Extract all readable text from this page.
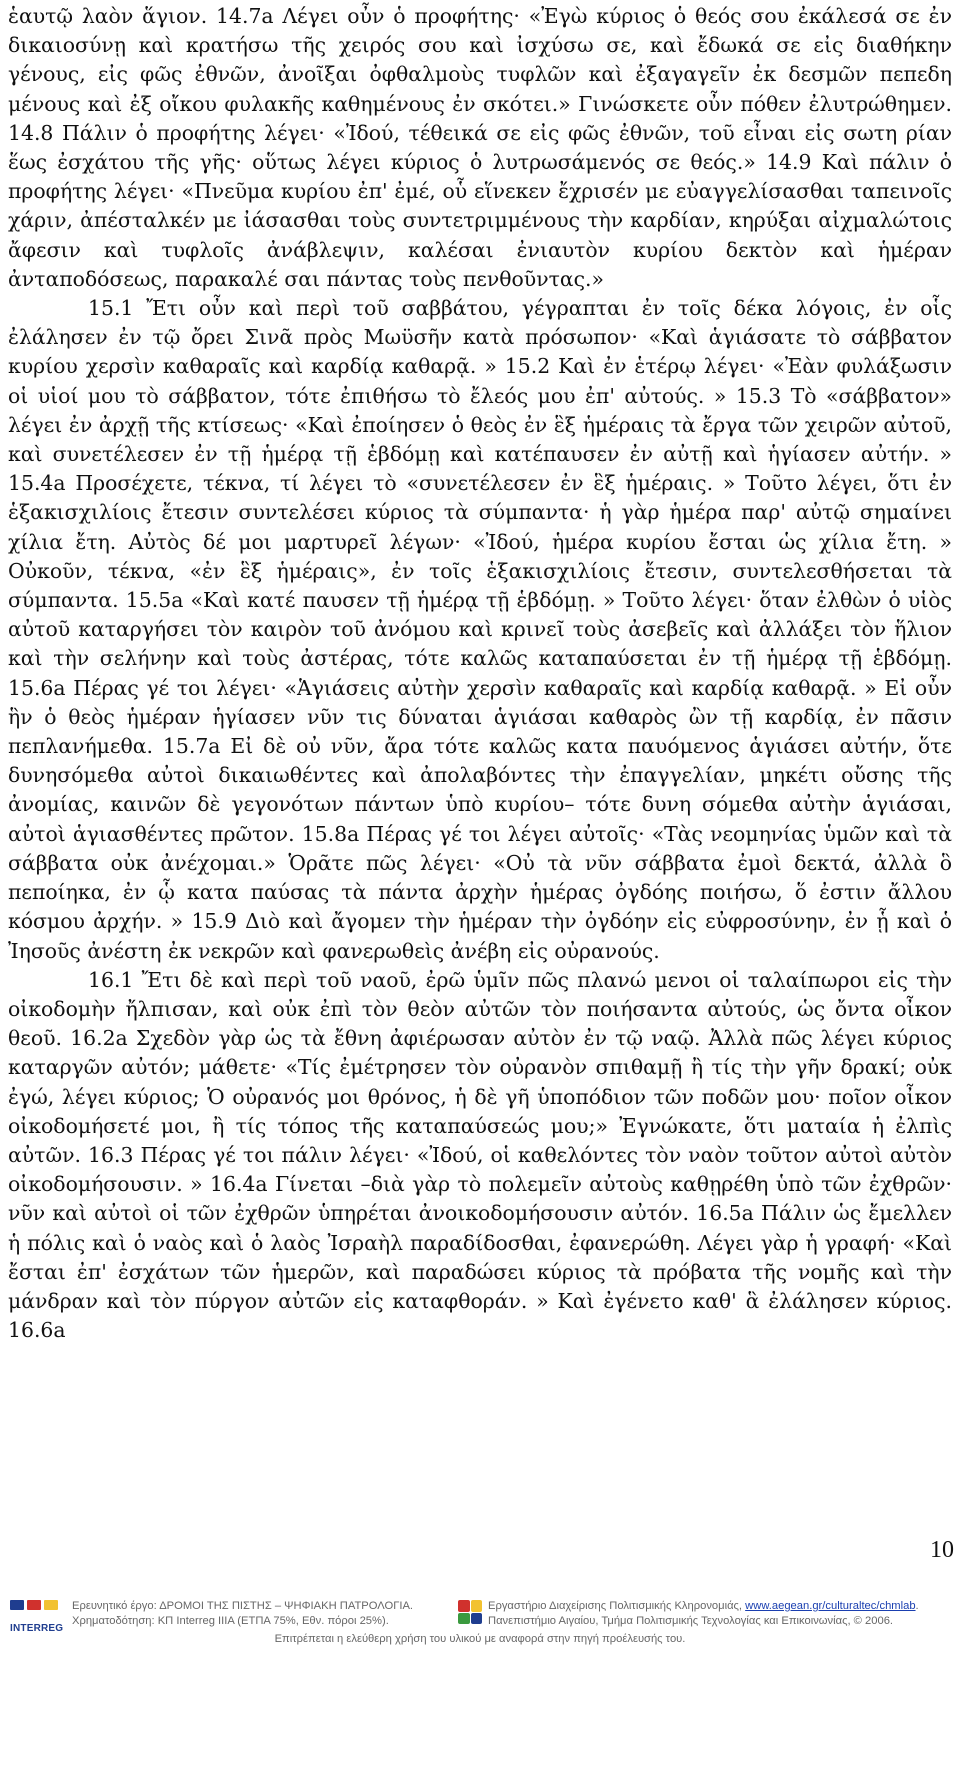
ἑαυτῷ λαὸν ἅγιον. 14.7a Λέγει οὖν ὁ προφήτης· «Ἐγὼ κύριος ὁ θεός σου ἐκάλεσά σε ἐν δικαιοσύνῃ καὶ κρατήσω τῆς χειρός σου καὶ ἰσχύσω σε, καὶ ἔδωκά σε εἰς διαθήκην γένους, εἰς φῶς ἐθνῶν, ἀνοῖξαι ὀφθαλμοὺς τυφλῶν καὶ ἐξαγαγεῖν ἐκ δεσμῶν πεπεδη μένους καὶ ἐξ οἴκου φυλακῆς καθημένους ἐν σκότει.» Γινώσκετε οὖν πόθεν ἐλυτρώθημεν. 14.8 Πάλιν ὁ προφήτης λέγει· «Ἰδού, τέθεικά σε εἰς φῶς ἐθνῶν, τοῦ εἶναι εἰς σωτη ρίαν ἕως ἐσχάτου τῆς γῆς· οὕτως λέγει κύριος ὁ λυτρωσάμενός σε θεός.» 14.9 Καὶ πάλιν ὁ προφήτης λέγει· «Πνεῦμα κυρίου ἐπ' ἐμέ, οὗ εἵνεκεν ἔχρισέν με εὐαγγελίσασθαι ταπεινοῖς χάριν, ἀπέσταλκέν με ἰάσασθαι τοὺς συντετριμμένους τὴν καρδίαν, κηρύξαι αἰχμαλώτοις ἄφεσιν καὶ τυφλοῖς ἀνάβλεψιν, καλέσαι ἐνιαυτὸν κυρίου δεκτὸν καὶ ἡμέραν ἀνταποδόσεως, παρακαλέ σαι πάντας τοὺς πενθοῦντας.»

15.1 Ἔτι οὖν καὶ περὶ τοῦ σαββάτου, γέγραπται ἐν τοῖς δέκα λόγοις, ἐν οἷς ἐλάλησεν ἐν τῷ ὄρει Σινᾶ πρὸς Μωϋσῆν κατὰ πρόσωπον· «Καὶ ἁγιάσατε τὸ σάββατον κυρίου χερσὶν καθαραῖς καὶ καρδίᾳ καθαρᾷ. » 15.2 Καὶ ἐν ἑτέρῳ λέγει· «Ἐὰν φυλάξωσιν οἱ υἱοί μου τὸ σάββατον, τότε ἐπιθήσω τὸ ἔλεός μου ἐπ' αὐτούς. » 15.3 Τὸ «σάββατον» λέγει ἐν ἀρχῇ τῆς κτίσεως· «Καὶ ἐποίησεν ὁ θεὸς ἐν ἓξ ἡμέραις τὰ ἔργα τῶν χειρῶν αὐτοῦ, καὶ συνετέλεσεν ἐν τῇ ἡμέρᾳ τῇ ἑβδόμῃ καὶ κατέπαυσεν ἐν αὐτῇ καὶ ἡγίασεν αὐτήν. » 15.4a Προσέχετε, τέκνα, τί λέγει τὸ «συνετέλεσεν ἐν ἓξ ἡμέραις. » Τοῦτο λέγει, ὅτι ἐν ἑξακισχιλίοις ἔτεσιν συντελέσει κύριος τὰ σύμπαντα· ἡ γὰρ ἡμέρα παρ' αὐτῷ σημαίνει χίλια ἔτη. Αὐτὸς δέ μοι μαρτυρεῖ λέγων· «Ἰδού, ἡμέρα κυρίου ἔσται ὡς χίλια ἔτη. » Οὐκοῦν, τέκνα, «ἐν ἓξ ἡμέραις», ἐν τοῖς ἑξακισχιλίοις ἔτεσιν, συντελεσθήσεται τὰ σύμπαντα. 15.5a «Καὶ κατέ παυσεν τῇ ἡμέρᾳ τῇ ἑβδόμῃ. » Τοῦτο λέγει· ὅταν ἐλθὼν ὁ υἱὸς αὐτοῦ καταργήσει τὸν καιρὸν τοῦ ἀνόμου καὶ κρινεῖ τοὺς ἀσεβεῖς καὶ ἀλλάξει τὸν ἥλιον καὶ τὴν σελήνην καὶ τοὺς ἀστέρας, τότε καλῶς καταπαύσεται ἐν τῇ ἡμέρᾳ τῇ ἑβδόμῃ. 15.6a Πέρας γέ τοι λέγει· «Ἁγιάσεις αὐτὴν χερσὶν καθαραῖς καὶ καρδίᾳ καθαρᾷ. » Εἰ οὖν ἣν ὁ θεὸς ἡμέραν ἡγίασεν νῦν τις δύναται ἁγιάσαι καθαρὸς ὢν τῇ καρδίᾳ, ἐν πᾶσιν πεπλανήμεθα. 15.7a Εἰ δὲ οὐ νῦν, ἄρα τότε καλῶς κατα παυόμενος ἁγιάσει αὐτήν, ὅτε δυνησόμεθα αὐτοὶ δικαιωθέντες καὶ ἀπολαβόντες τὴν ἐπαγγελίαν, μηκέτι οὔσης τῆς ἀνομίας, καινῶν δὲ γεγονότων πάντων ὑπὸ κυρίου– τότε δυνη σόμεθα αὐτὴν ἁγιάσαι, αὐτοὶ ἁγιασθέντες πρῶτον. 15.8a Πέρας γέ τοι λέγει αὐτοῖς· «Τὰς νεομηνίας ὑμῶν καὶ τὰ σάββατα οὐκ ἀνέχομαι.» Ὁρᾶτε πῶς λέγει· «Οὐ τὰ νῦν σάββατα ἐμοὶ δεκτά, ἀλλὰ ὃ πεποίηκα, ἐν ᾧ κατα παύσας τὰ πάντα ἀρχὴν ἡμέρας ὀγδόης ποιήσω, ὅ ἐστιν ἄλλου κόσμου ἀρχήν. » 15.9 Διὸ καὶ ἄγομεν τὴν ἡμέραν τὴν ὀγδόην εἰς εὐφροσύνην, ἐν ᾗ καὶ ὁ Ἰησοῦς ἀνέστη ἐκ νεκρῶν καὶ φανερωθεὶς ἀνέβη εἰς οὐρανούς.

16.1 Ἔτι δὲ καὶ περὶ τοῦ ναοῦ, ἐρῶ ὑμῖν πῶς πλανώ μενοι οἱ ταλαίπωροι εἰς τὴν οἰκοδομὴν ἤλπισαν, καὶ οὐκ ἐπὶ τὸν θεὸν αὐτῶν τὸν ποιήσαντα αὐτούς, ὡς ὄντα οἶκον θεοῦ. 16.2a Σχεδὸν γὰρ ὡς τὰ ἔθνη ἀφιέρωσαν αὐτὸν ἐν τῷ ναῷ. Ἀλλὰ πῶς λέγει κύριος καταργῶν αὐτόν; μάθετε· «Τίς ἐμέτρησεν τὸν οὐρανὸν σπιθαμῇ ἢ τίς τὴν γῆν δρακί; οὐκ ἐγώ, λέγει κύριος; Ὁ οὐρανός μοι θρόνος, ἡ δὲ γῆ ὑποπόδιον τῶν ποδῶν μου· ποῖον οἶκον οἰκοδομήσετέ μοι, ἢ τίς τόπος τῆς καταπαύσεώς μου;» Ἐγνώκατε, ὅτι ματαία ἡ ἐλπὶς αὐτῶν. 16.3 Πέρας γέ τοι πάλιν λέγει· «Ἰδού, οἱ καθελόντες τὸν ναὸν τοῦτον αὐτοὶ αὐτὸν οἰκοδομήσουσιν. » 16.4a Γίνεται –διὰ γὰρ τὸ πολεμεῖν αὐτοὺς καθῃρέθη ὑπὸ τῶν ἐχθρῶν· νῦν καὶ αὐτοὶ οἱ τῶν ἐχθρῶν ὑπηρέται ἀνοικοδομήσουσιν αὐτόν. 16.5a Πάλιν ὡς ἔμελλεν ἡ πόλις καὶ ὁ ναὸς καὶ ὁ λαὸς Ἰσραὴλ παραδίδοσθαι, ἐφανερώθη. Λέγει γὰρ ἡ γραφή· «Καὶ ἔσται ἐπ' ἐσχάτων τῶν ἡμερῶν, καὶ παραδώσει κύριος τὰ πρόβατα τῆς νομῆς καὶ τὴν μάνδραν καὶ τὸν πύργον αὐτῶν εἰς καταφθοράν. » Καὶ ἐγένετο καθ' ἃ ἐλάλησεν κύριος. 16.6a

10
INTERREG
Ερευνητικό έργο: ΔΡΟΜΟΙ ΤΗΣ ΠΙΣΤΗΣ – ΨΗΦΙΑΚΗ ΠΑΤΡΟΛΟΓΙΑ.
Χρηματοδότηση: ΚΠ Interreg IIIA (ΕΤΠΑ 75%, Εθν. πόροι 25%).
Εργαστήριο Διαχείρισης Πολιτισμικής Κληρονομιάς, www.aegean.gr/culturaltec/chmlab.
Πανεπιστήμιο Αιγαίου, Τμήμα Πολιτισμικής Τεχνολογίας και Επικοινωνίας, © 2006.
Επιτρέπεται η ελεύθερη χρήση του υλικού με αναφορά στην πηγή προέλευσής του.
